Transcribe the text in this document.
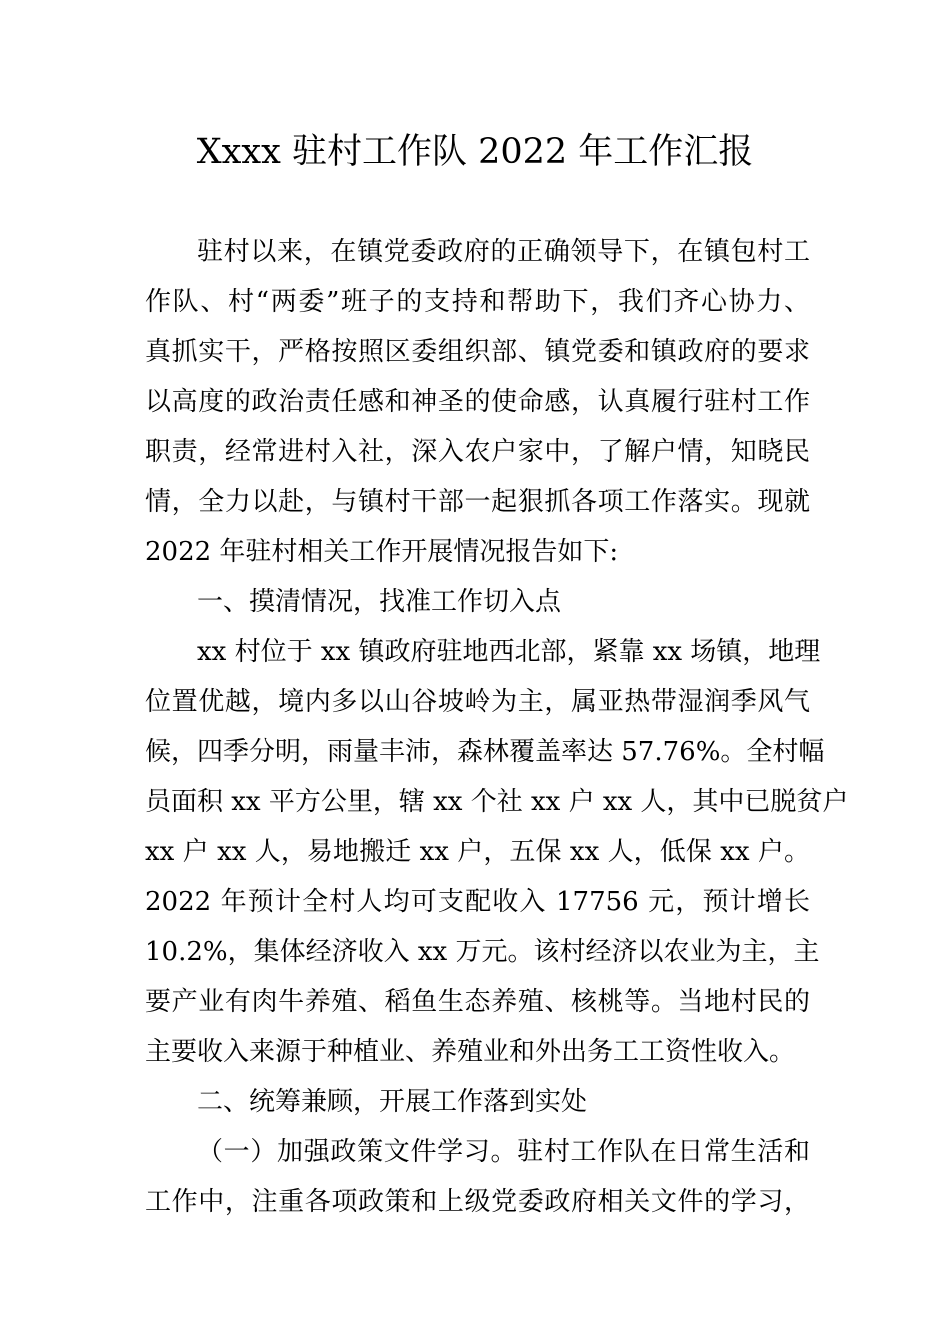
Xxxx 驻村工作队 2022 年工作汇报
驻村以来，在镇党委政府的正确领导下，在镇包村工
作队、村“两委”班子的支持和帮助下，我们齐心协力、
真抓实干，严格按照区委组织部、镇党委和镇政府的要求
以高度的政治责任感和神圣的使命感，认真履行驻村工作
职责，经常进村入社，深入农户家中，了解户情，知晓民
情，全力以赴，与镇村干部一起狠抓各项工作落实。现就
2022 年驻村相关工作开展情况报告如下:
一、摸清情况，找准工作切入点
xx 村位于 xx 镇政府驻地西北部，紧靠 xx 场镇，地理
位置优越，境内多以山谷坡岭为主，属亚热带湿润季风气
候，四季分明，雨量丰沛，森林覆盖率达 57.76%。全村幅
员面积 xx 平方公里，辖 xx 个社 xx 户 xx 人，其中已脱贫户
xx 户 xx 人，易地搬迁 xx 户，五保 xx 人，低保 xx 户。
2022 年预计全村人均可支配收入 17756 元，预计增长
10.2%，集体经济收入 xx 万元。该村经济以农业为主，主
要产业有肉牛养殖、稻鱼生态养殖、核桃等。当地村民的
主要收入来源于种植业、养殖业和外出务工工资性收入。
二、统筹兼顾，开展工作落到实处
（一）加强政策文件学习。驻村工作队在日常生活和
工作中，注重各项政策和上级党委政府相关文件的学习，
